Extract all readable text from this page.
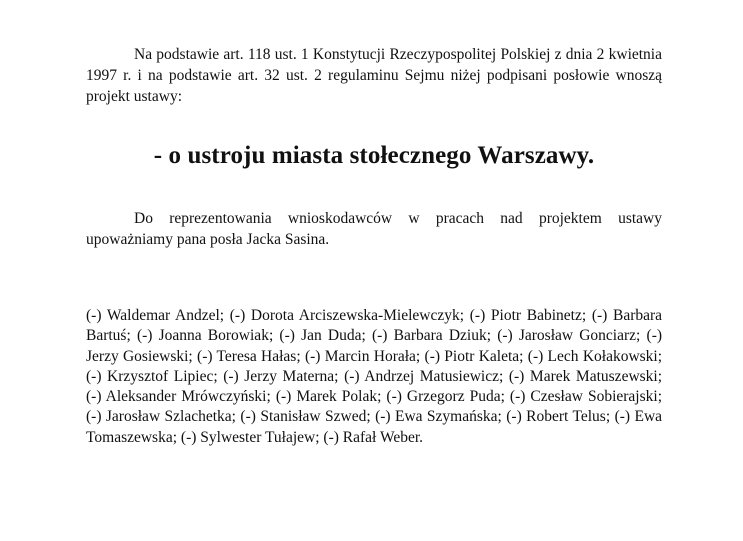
Na podstawie art. 118 ust. 1 Konstytucji Rzeczypospolitej Polskiej z dnia 2 kwietnia 1997 r. i na podstawie art. 32 ust. 2 regulaminu Sejmu niżej podpisani posłowie wnoszą projekt ustawy:

- o ustroju miasta stołecznego Warszawy.

Do reprezentowania wnioskodawców w pracach nad projektem ustawy upoważniamy pana posła Jacka Sasina.

(-) Waldemar Andzel; (-) Dorota Arciszewska-Mielewczyk; (-) Piotr Babinetz; (-) Barbara Bartuś; (-) Joanna Borowiak; (-) Jan Duda; (-) Barbara Dziuk; (-) Jarosław Gonciarz; (-) Jerzy Gosiewski; (-) Teresa Hałas; (-) Marcin Horała; (-) Piotr Kaleta; (-) Lech Kołakowski; (-) Krzysztof Lipiec; (-) Jerzy Materna; (-) Andrzej Matusiewicz; (-) Marek Matuszewski; (-) Aleksander Mrówczyński; (-) Marek Polak; (-) Grzegorz Puda; (-) Czesław Sobierajski; (-) Jarosław Szlachetka; (-) Stanisław Szwed; (-) Ewa Szymańska; (-) Robert Telus; (-) Ewa Tomaszewska; (-) Sylwester Tułajew; (-) Rafał Weber.
